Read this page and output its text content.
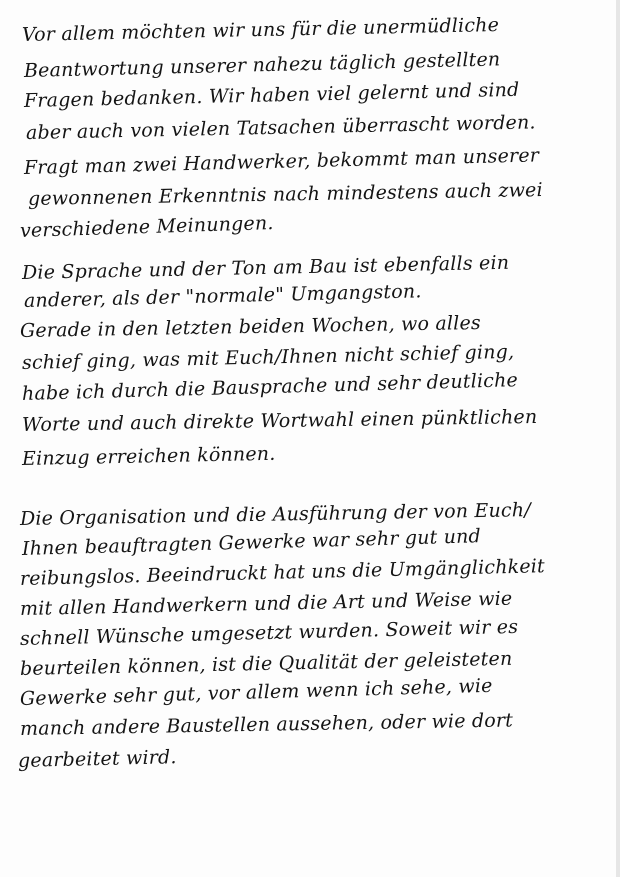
Vor allem möchten wir uns für die unermüdliche
Beantwortung unserer nahezu täglich gestellten
Fragen bedanken. Wir haben viel gelernt und sind
aber auch von vielen Tatsachen überrascht worden.
Fragt man zwei Handwerker, bekommt man unserer
gewonnenen Erkenntnis nach mindestens auch zwei
verschiedene Meinungen.
Die Sprache und der Ton am Bau ist ebenfalls ein
anderer, als der "normale" Umgangston.
Gerade in den letzten beiden Wochen, wo alles
schief ging, was mit Euch/Ihnen nicht schief ging,
habe ich durch die Bausprache und sehr deutliche
Worte und auch direkte Wortwahl einen pünktlichen
Einzug erreichen können.
Die Organisation und die Ausführung der von Euch/
Ihnen beauftragten Gewerke war sehr gut und
reibungslos. Beeindruckt hat uns die Umgänglichkeit
mit allen Handwerkern und die Art und Weise wie
schnell Wünsche umgesetzt wurden. Soweit wir es
beurteilen können, ist die Qualität der geleisteten
Gewerke sehr gut, vor allem wenn ich sehe, wie
manch andere Baustellen aussehen, oder wie dort
gearbeitet wird.
